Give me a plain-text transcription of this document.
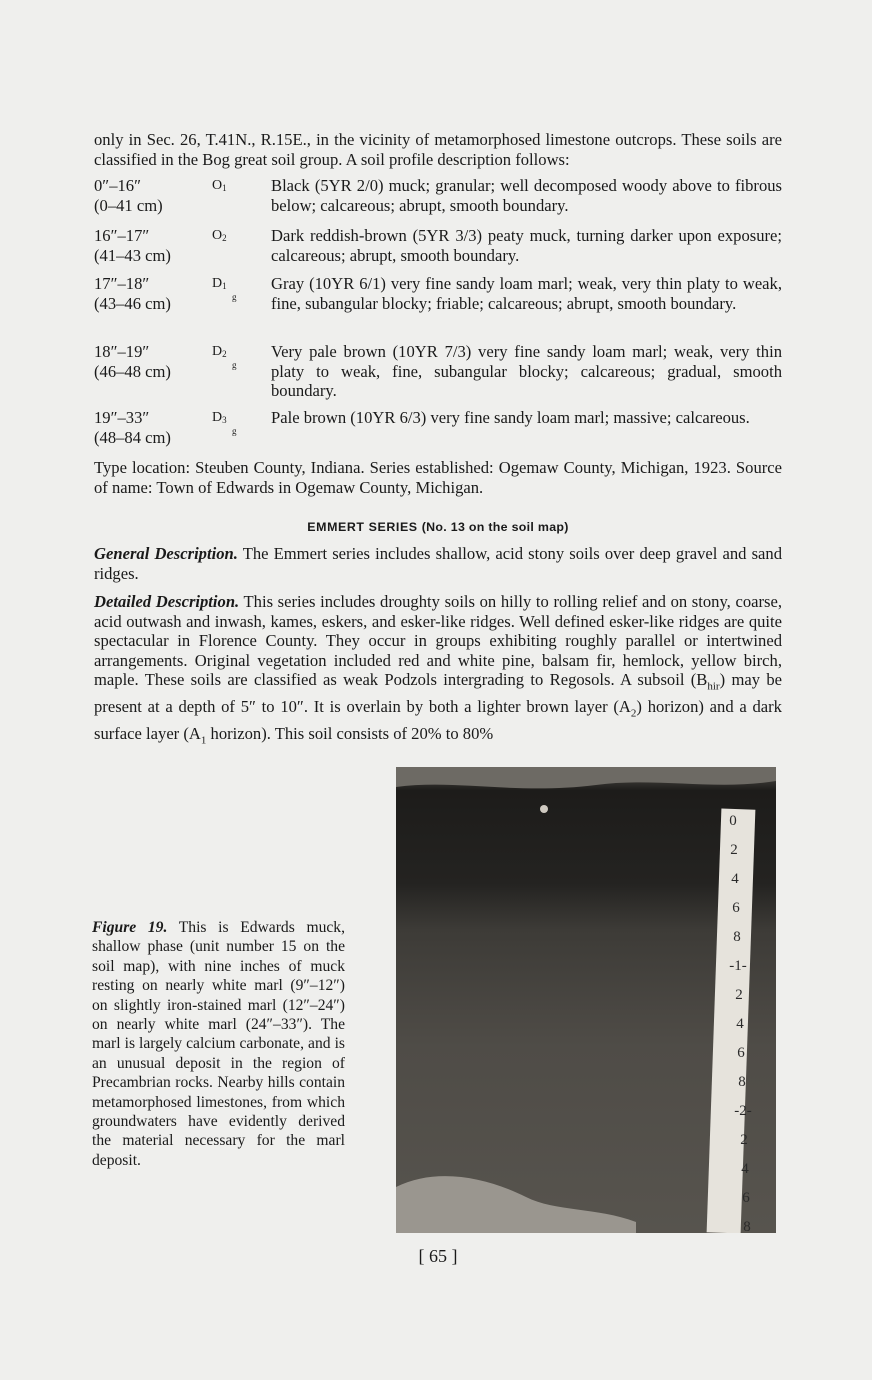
only in Sec. 26, T.41N., R.15E., in the vicinity of metamorphosed limestone outcrops. These soils are classified in the Bog great soil group. A soil profile description follows:
0″–16″
(0–41 cm)
$O_1$	Black (5YR 2/0) muck; granular; well decomposed woody above to fibrous below; calcareous; abrupt, smooth boundary.
16″–17″
(41–43 cm)
$O_2$	Dark reddish-brown (5YR 3/3) peaty muck, turning darker upon exposure; calcareous; abrupt, smooth boundary.
17″–18″
(43–46 cm)
$D_1$
g
Gray (10YR 6/1) very fine sandy loam marl; weak, very thin platy to weak, fine, subangular blocky; friable; calcareous; abrupt, smooth boundary.
18″–19″
(46–48 cm)
$D_2$
g
Very pale brown (10YR 7/3) very fine sandy loam marl; weak, very thin platy to weak, fine, subangular blocky; calcareous; gradual, smooth boundary.
19″–33″
(48–84 cm)
$D_3$
g
Pale brown (10YR 6/3) very fine sandy loam marl; massive; calcareous.
Type location: Steuben County, Indiana. Series established: Ogemaw County, Michigan, 1923. Source of name: Town of Edwards in Ogemaw County, Michigan.
EMMERT SERIES (No. 13 on the soil map)
General Description. The Emmert series includes shallow, acid stony soils over deep gravel and sand ridges.
Detailed Description. This series includes droughty soils on hilly to rolling relief and on stony, coarse, acid outwash and inwash, kames, eskers, and esker-like ridges. Well defined esker-like ridges are quite spectacular in Florence County. They occur in groups exhibiting roughly parallel or intertwined arrangements. Original vegetation included red and white pine, balsam fir, hemlock, yellow birch, maple. These soils are classified as weak Podzols intergrading to Regosols. A subsoil $(B_{hir})$ may be present at a depth of 5″ to 10″. It is overlain by both a lighter brown layer $(A_2)$ horizon) and a dark surface layer ($A_1$ horizon). This soil consists of 20% to 80%
0
2
4
6
8
-1-
2
4
6
8
-2-
2
4
6
8
Figure 19. This is Edwards muck, shallow phase (unit number 15 on the soil map), with nine inches of muck resting on nearly white marl (9″–12″) on slightly iron-stained marl (12″–24″) on nearly white marl (24″–33″). The marl is largely calcium carbonate, and is an unusual deposit in the region of Precambrian rocks. Nearby hills contain metamorphosed limestones, from which groundwaters have evidently derived the material necessary for the marl deposit.
[ 65 ]
